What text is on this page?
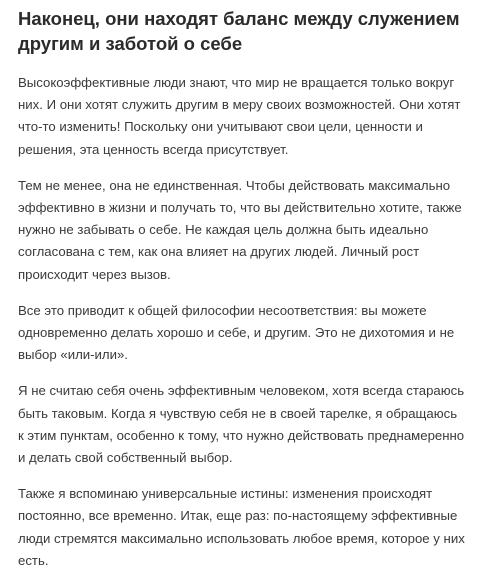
Наконец, они находят баланс между служением другим и заботой о себе

Высокоэффективные люди знают, что мир не вращается только вокруг них. И они хотят служить другим в меру своих возможностей. Они хотят что-то изменить! Поскольку они учитывают свои цели, ценности и решения, эта ценность всегда присутствует.

Тем не менее, она не единственная. Чтобы действовать максимально эффективно в жизни и получать то, что вы действительно хотите, также нужно не забывать о себе. Не каждая цель должна быть идеально согласована с тем, как она влияет на других людей. Личный рост происходит через вызов.

Все это приводит к общей философии несоответствия: вы можете одновременно делать хорошо и себе, и другим. Это не дихотомия и не выбор «или-или».

Я не считаю себя очень эффективным человеком, хотя всегда стараюсь быть таковым. Когда я чувствую себя не в своей тарелке, я обращаюсь к этим пунктам, особенно к тому, что нужно действовать преднамеренно и делать свой собственный выбор.

Также я вспоминаю универсальные истины: изменения происходят постоянно, все временно. Итак, еще раз: по-настоящему эффективные люди стремятся максимально использовать любое время, которое у них есть.
